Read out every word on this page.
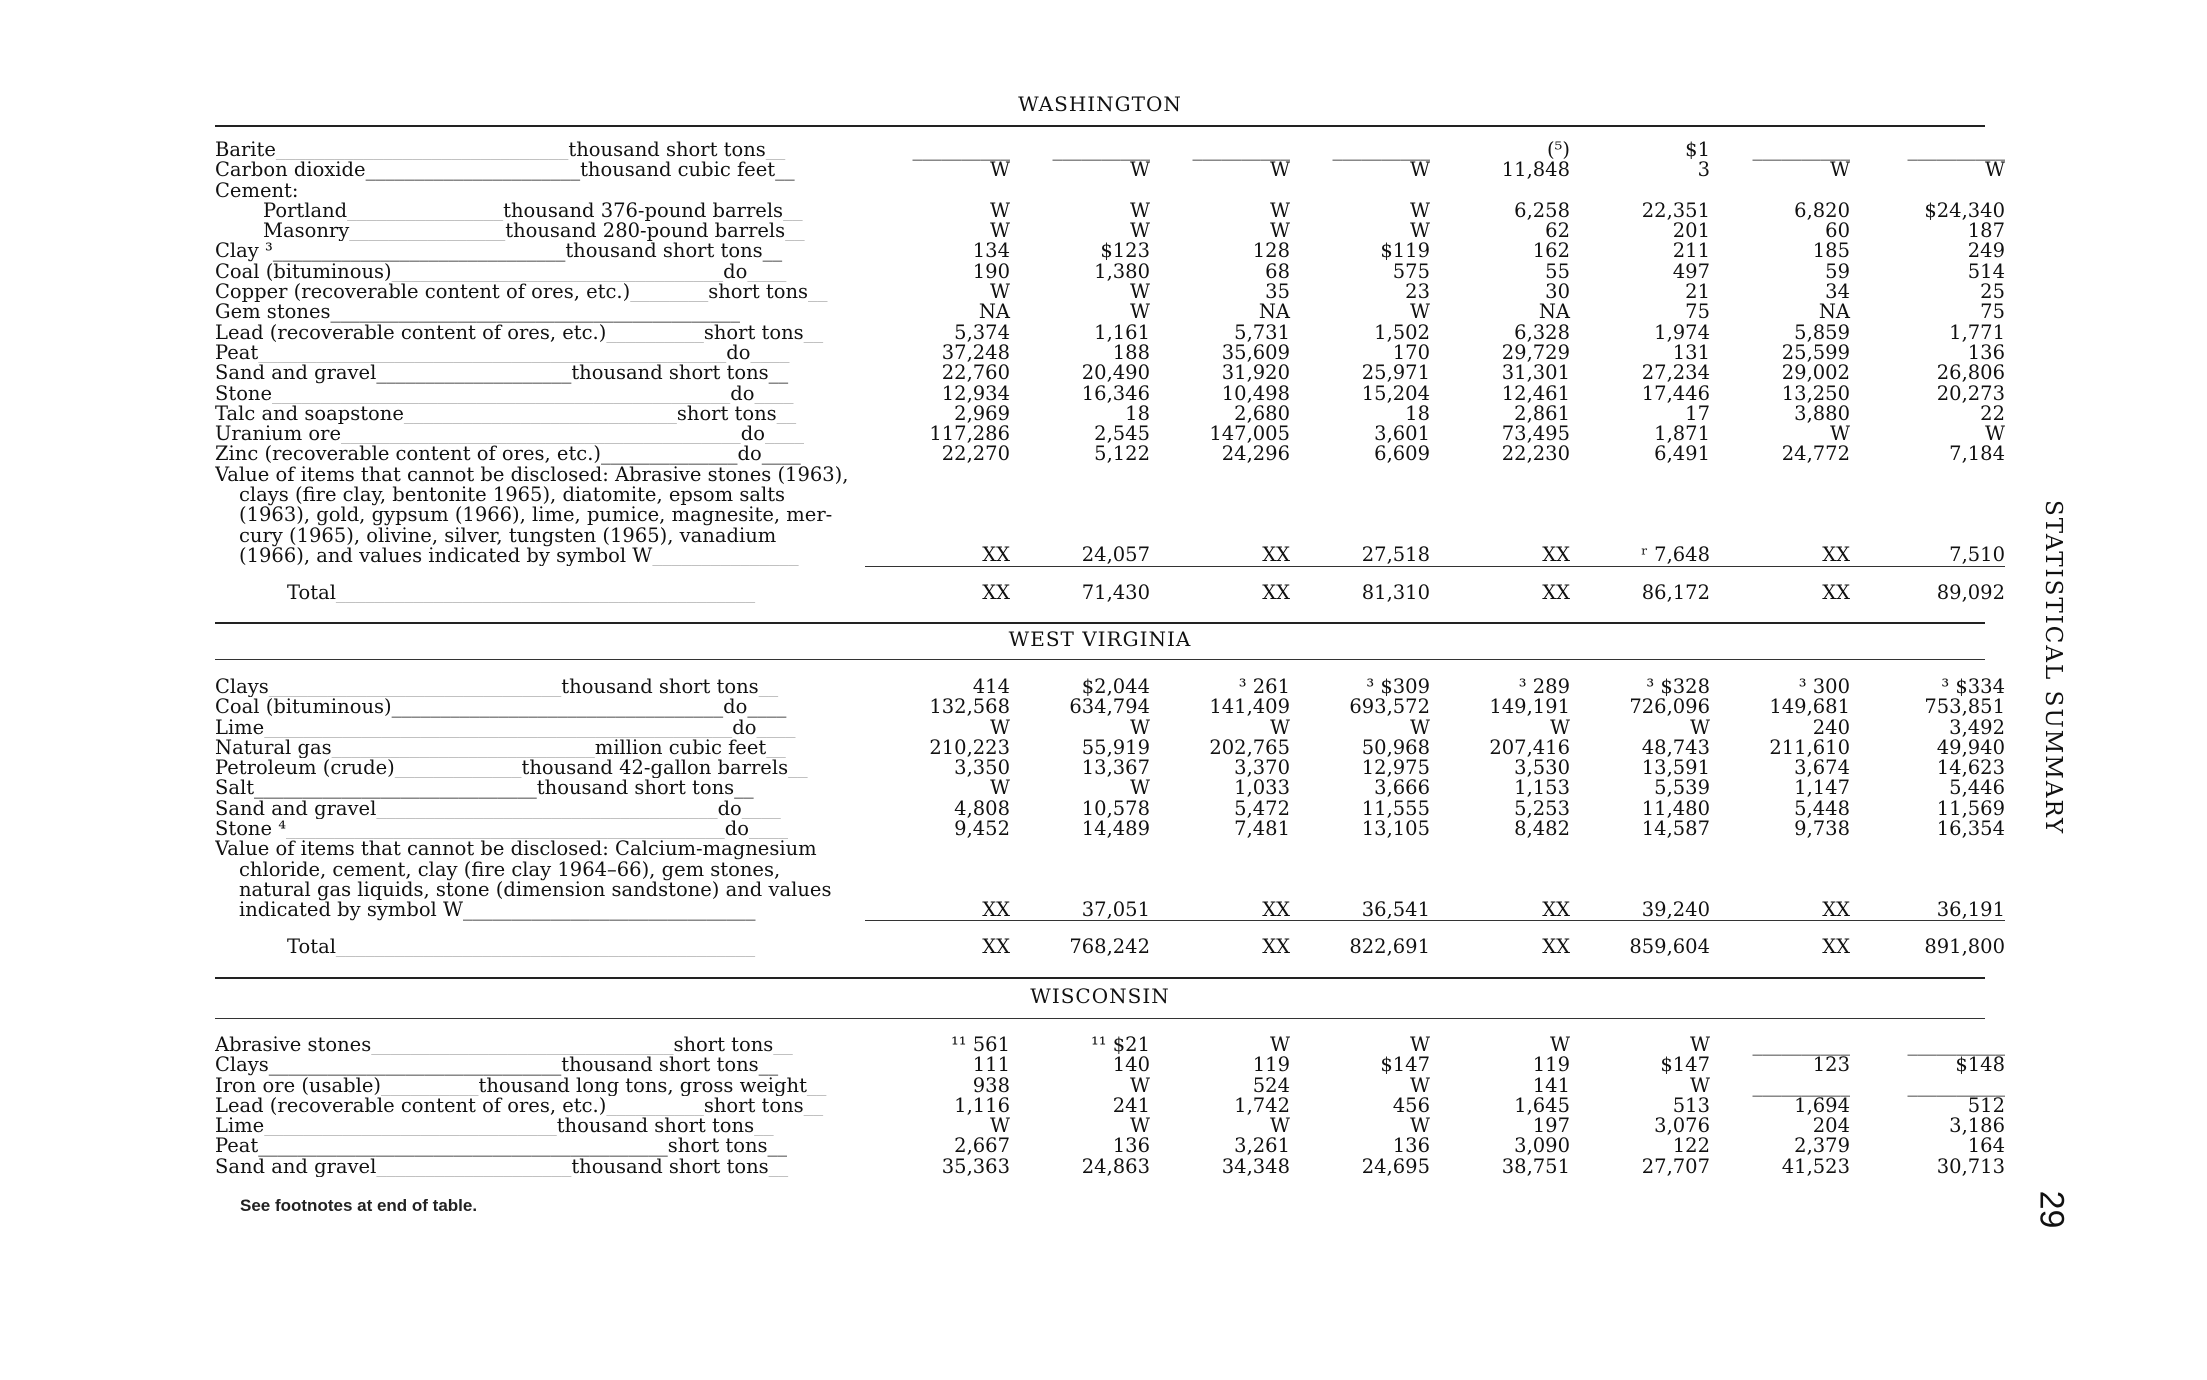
WASHINGTON
Barite______________________________thousand short tons__	__________	__________	__________	__________	(⁵)	$1	__________	__________
Carbon dioxide______________________thousand cubic feet__	W	W	W	W	11,848	3	W	W
Cement:								
Portland________________thousand 376-pound barrels__	W	W	W	W	6,258	22,351	6,820	$24,340
Masonry________________thousand 280-pound barrels__	W	W	W	W	62	201	60	187
Clay ³______________________________thousand short tons__	134	$123	128	$119	162	211	185	249
Coal (bituminous)__________________________________do____	190	1,380	68	575	55	497	59	514
Copper (recoverable content of ores, etc.)________short tons__	W	W	35	23	30	21	34	25
Gem stones__________________________________________	NA	W	NA	W	NA	75	NA	75
Lead (recoverable content of ores, etc.)__________short tons__	5,374	1,161	5,731	1,502	6,328	1,974	5,859	1,771
Peat________________________________________________do____	37,248	188	35,609	170	29,729	131	25,599	136
Sand and gravel____________________thousand short tons__	22,760	20,490	31,920	25,971	31,301	27,234	29,002	26,806
Stone_______________________________________________do____	12,934	16,346	10,498	15,204	12,461	17,446	13,250	20,273
Talc and soapstone____________________________short tons__	2,969	18	2,680	18	2,861	17	3,880	22
Uranium ore_________________________________________do____	117,286	2,545	147,005	3,601	73,495	1,871	W	W
Zinc (recoverable content of ores, etc.)______________do____	22,270	5,122	24,296	6,609	22,230	6,491	24,772	7,184

Value of items that cannot be disclosed: Abrasive stones (1963),
clays (fire clay, bentonite 1965), diatomite, epsom salts
(1963), gold, gypsum (1966), lime, pumice, magnesite, mer-
cury (1965), olivine, silver, tungsten (1965), vanadium
(1966), and values indicated by symbol W_______________	XX	24,057	XX	27,518	XX	ʳ 7,648	XX	7,510

Total___________________________________________	XX	71,430	XX	81,310	XX	86,172	XX	89,092
WEST VIRGINIA
Clays______________________________thousand short tons__	414	$2,044	³ 261	³ $309	³ 289	³ $328	³ 300	³ $334
Coal (bituminous)__________________________________do____	132,568	634,794	141,409	693,572	149,191	726,096	149,681	753,851
Lime________________________________________________do____	W	W	W	W	W	W	240	3,492
Natural gas___________________________million cubic feet__	210,223	55,919	202,765	50,968	207,416	48,743	211,610	49,940
Petroleum (crude)_____________thousand 42-gallon barrels__	3,350	13,367	3,370	12,975	3,530	13,591	3,674	14,623
Salt_____________________________thousand short tons__	W	W	1,033	3,666	1,153	5,539	1,147	5,446
Sand and gravel___________________________________do____	4,808	10,578	5,472	11,555	5,253	11,480	5,448	11,569
Stone ⁴_____________________________________________do____	9,452	14,489	7,481	13,105	8,482	14,587	9,738	16,354

Value of items that cannot be disclosed: Calcium-magnesium
chloride, cement, clay (fire clay 1964–66), gem stones,
natural gas liquids, stone (dimension sandstone) and values
indicated by symbol W______________________________	XX	37,051	XX	36,541	XX	39,240	XX	36,191

Total___________________________________________	XX	768,242	XX	822,691	XX	859,604	XX	891,800
WISCONSIN
Abrasive stones_______________________________short tons__	¹¹ 561	¹¹ $21	W	W	W	W	__________	__________
Clays______________________________thousand short tons__	111	140	119	$147	119	$147	123	$148
Iron ore (usable)__________thousand long tons, gross weight__	938	W	524	W	141	W	__________	__________
Lead (recoverable content of ores, etc.)__________short tons__	1,116	241	1,742	456	1,645	513	1,694	512
Lime______________________________thousand short tons__	W	W	W	W	197	3,076	204	3,186
Peat__________________________________________short tons__	2,667	136	3,261	136	3,090	122	2,379	164
Sand and gravel____________________thousand short tons__	35,363	24,863	34,348	24,695	38,751	27,707	41,523	30,713
See footnotes at end of table.
STATISTICAL SUMMARY
29
